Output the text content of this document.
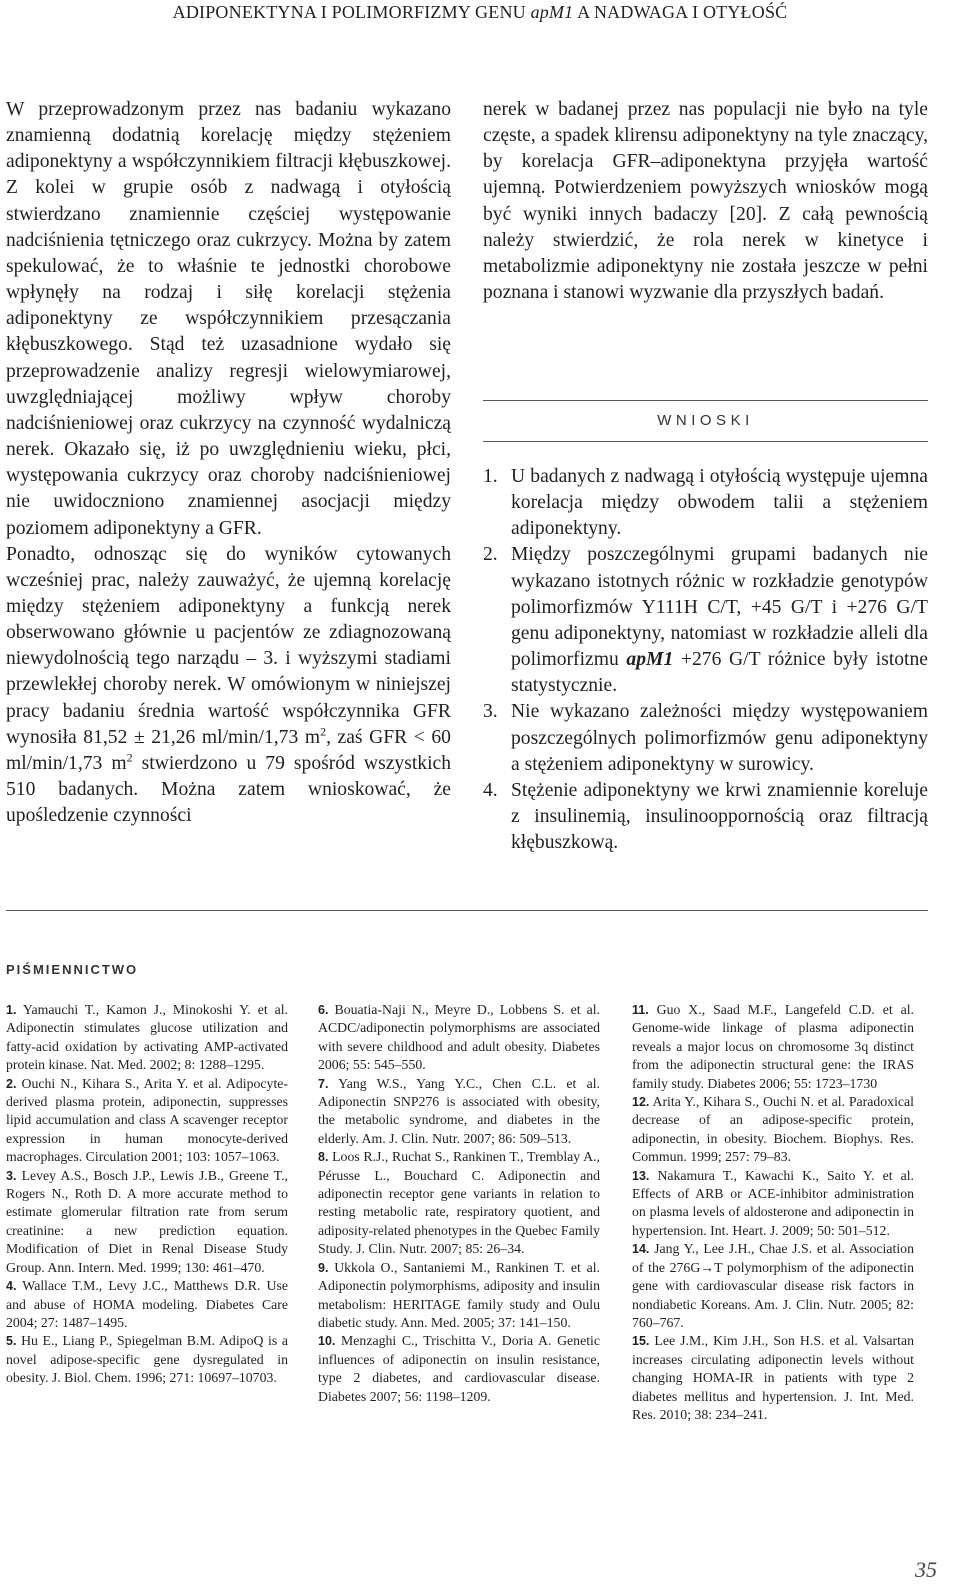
ADIPONEKTYNA I POLIMORFIZMY GENU apM1 A NADWAGA I OTYŁOŚĆ

W przeprowadzonym przez nas badaniu wykazano znamienną dodatnią korelację między stężeniem adiponektyny a współczynnikiem filtracji kłębuszkowej. Z kolei w grupie osób z nadwagą i otyłością stwierdzano znamiennie częściej występowanie nadciśnienia tętniczego oraz cukrzycy. Można by zatem spekulować, że to właśnie te jednostki chorobowe wpłynęły na rodzaj i siłę korelacji stężenia adiponektyny ze współczynnikiem przesączania kłębuszkowego. Stąd też uzasadnione wydało się przeprowadzenie analizy regresji wielowymiarowej, uwzględniającej możliwy wpływ choroby nadciśnieniowej oraz cukrzycy na czynność wydalniczą nerek. Okazało się, iż po uwzględnieniu wieku, płci, występowania cukrzycy oraz choroby nadciśnieniowej nie uwidoczniono znamiennej asocjacji między poziomem adiponektyny a GFR.

Ponadto, odnosząc się do wyników cytowanych wcześniej prac, należy zauważyć, że ujemną korelację między stężeniem adiponektyny a funkcją nerek obserwowano głównie u pacjentów ze zdiagnozowaną niewydolnością tego narządu – 3. i wyższymi stadiami przewlekłej choroby nerek. W omówionym w niniejszej pracy badaniu średnia wartość współczynnika GFR wynosiła 81,52 ± 21,26 ml/min/1,73 $m^2$, zaś GFR < 60 ml/min/1,73 $m^2$ stwierdzono u 79 spośród wszystkich 510 badanych. Można zatem wnioskować, że upośledzenie czynności

nerek w badanej przez nas populacji nie było na tyle częste, a spadek klirensu adiponektyny na tyle znaczący, by korelacja GFR–adiponektyna przyjęła wartość ujemną. Potwierdzeniem powyższych wniosków mogą być wyniki innych badaczy [20]. Z całą pewnością należy stwierdzić, że rola nerek w kinetyce i metabolizmie adiponektyny nie została jeszcze w pełni poznana i stanowi wyzwanie dla przyszłych badań.

WNIOSKI
1. U badanych z nadwagą i otyłością występuje ujemna korelacja między obwodem talii a stężeniem adiponektyny.
2. Między poszczególnymi grupami badanych nie wykazano istotnych różnic w rozkładzie genotypów polimorfizmów Y111H C/T, +45 G/T i +276 G/T genu adiponektyny, natomiast w rozkładzie alleli dla polimorfizmu apM1 +276 G/T różnice były istotne statystycznie.
3. Nie wykazano zależności między występowaniem poszczególnych polimorfizmów genu adiponektyny a stężeniem adiponektyny w surowicy.
4. Stężenie adiponektyny we krwi znamiennie koreluje z insulinemią, insulinooppornością oraz filtracją kłębuszkową.
PIŚMIENNICTWO

1. Yamauchi T., Kamon J., Minokoshi Y. et al. Adiponectin stimulates glucose utilization and fatty-acid oxidation by activating AMP-activated protein kinase. Nat. Med. 2002; 8: 1288–1295.

2. Ouchi N., Kihara S., Arita Y. et al. Adipocyte-derived plasma protein, adiponectin, suppresses lipid accumulation and class A scavenger receptor expression in human monocyte-derived macrophages. Circulation 2001; 103: 1057–1063.

3. Levey A.S., Bosch J.P., Lewis J.B., Greene T., Rogers N., Roth D. A more accurate method to estimate glomerular filtration rate from serum creatinine: a new prediction equation. Modification of Diet in Renal Disease Study Group. Ann. Intern. Med. 1999; 130: 461–470.

4. Wallace T.M., Levy J.C., Matthews D.R. Use and abuse of HOMA modeling. Diabetes Care 2004; 27: 1487–1495.

5. Hu E., Liang P., Spiegelman B.M. AdipoQ is a novel adipose-specific gene dysregulated in obesity. J. Biol. Chem. 1996; 271: 10697–10703.

6. Bouatia-Naji N., Meyre D., Lobbens S. et al. ACDC/adiponectin polymorphisms are associated with severe childhood and adult obesity. Diabetes 2006; 55: 545–550.

7. Yang W.S., Yang Y.C., Chen C.L. et al. Adiponectin SNP276 is associated with obesity, the metabolic syndrome, and diabetes in the elderly. Am. J. Clin. Nutr. 2007; 86: 509–513.

8. Loos R.J., Ruchat S., Rankinen T., Tremblay A., Pérusse L., Bouchard C. Adiponectin and adiponectin receptor gene variants in relation to resting metabolic rate, respiratory quotient, and adiposity-related phenotypes in the Quebec Family Study. J. Clin. Nutr. 2007; 85: 26–34.

9. Ukkola O., Santaniemi M., Rankinen T. et al. Adiponectin polymorphisms, adiposity and insulin metabolism: HERITAGE family study and Oulu diabetic study. Ann. Med. 2005; 37: 141–150.

10. Menzaghi C., Trischitta V., Doria A. Genetic influences of adiponectin on insulin resistance, type 2 diabetes, and cardiovascular disease. Diabetes 2007; 56: 1198–1209.

11. Guo X., Saad M.F., Langefeld C.D. et al. Genome-wide linkage of plasma adiponectin reveals a major locus on chromosome 3q distinct from the adiponectin structural gene: the IRAS family study. Diabetes 2006; 55: 1723–1730

12. Arita Y., Kihara S., Ouchi N. et al. Paradoxical decrease of an adipose-specific protein, adiponectin, in obesity. Biochem. Biophys. Res. Commun. 1999; 257: 79–83.

13. Nakamura T., Kawachi K., Saito Y. et al. Effects of ARB or ACE-inhibitor administration on plasma levels of aldosterone and adiponectin in hypertension. Int. Heart. J. 2009; 50: 501–512.

14. Jang Y., Lee J.H., Chae J.S. et al. Association of the 276G→T polymorphism of the adiponectin gene with cardiovascular disease risk factors in nondiabetic Koreans. Am. J. Clin. Nutr. 2005; 82: 760–767.

15. Lee J.M., Kim J.H., Son H.S. et al. Valsartan increases circulating adiponectin levels without changing HOMA-IR in patients with type 2 diabetes mellitus and hypertension. J. Int. Med. Res. 2010; 38: 234–241.

35
